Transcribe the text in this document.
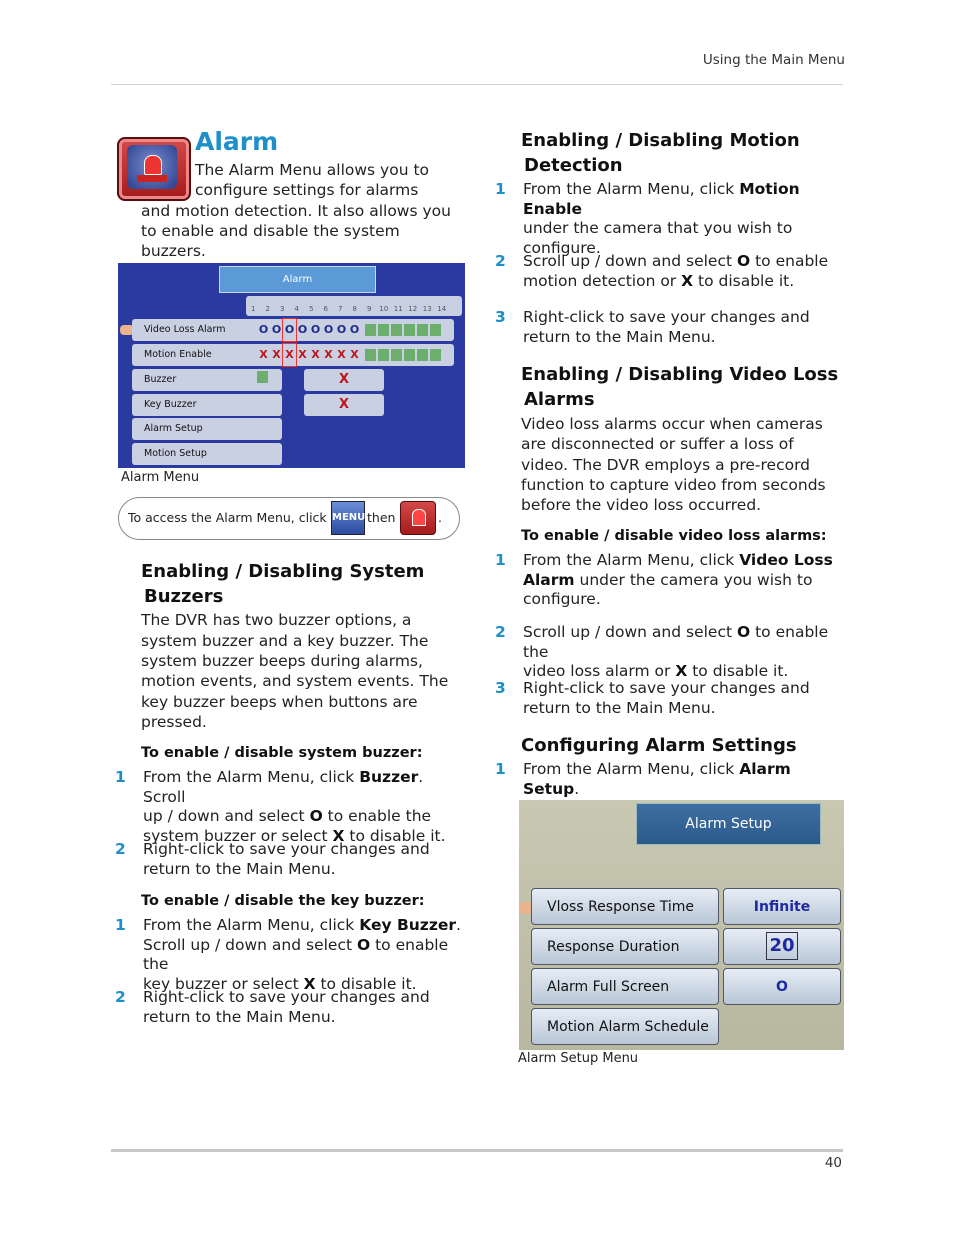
Using the Main Menu
Alarm
The Alarm Menu allows you to
configure settings for alarms
and motion detection. It also allows you
to enable and disable the system
buzzers.
Alarm
1 2 3 4 5 6 7 8 9 10 11 12 13 14
Video Loss Alarm
Motion Enable
Buzzer
Key Buzzer
Alarm Setup
Motion Setup
O O O O O O O O
X X X X X X X X
X
X
Alarm Menu
To access the Alarm Menu, click MENU then	.
Enabling / Disabling System
Buzzers
The DVR has two buzzer options, a
system buzzer and a key buzzer. The
system buzzer beeps during alarms,
motion events, and system events. The
key buzzer beeps when buttons are
pressed.
To enable / disable system buzzer:
1 From the Alarm Menu, click Buzzer. Scroll
up / down and select O to enable the
system buzzer or select X to disable it.
2 Right-click to save your changes and
return to the Main Menu.
To enable / disable the key buzzer:
1 From the Alarm Menu, click Key Buzzer.
Scroll up / down and select O to enable the
key buzzer or select X to disable it.
2 Right-click to save your changes and
return to the Main Menu.
Enabling / Disabling Motion
Detection
1 From the Alarm Menu, click Motion Enable
under the camera that you wish to
configure.
2 Scroll up / down and select O to enable
motion detection or X to disable it.
3 Right-click to save your changes and
return to the Main Menu.
Enabling / Disabling Video Loss
Alarms
Video loss alarms occur when cameras
are disconnected or suffer a loss of
video. The DVR employs a pre-record
function to capture video from seconds
before the video loss occurred.
To enable / disable video loss alarms:
1 From the Alarm Menu, click Video Loss
Alarm under the camera you wish to
configure.
2 Scroll up / down and select O to enable the
video loss alarm or X to disable it.
3 Right-click to save your changes and
return to the Main Menu.
Configuring Alarm Settings
1 From the Alarm Menu, click Alarm Setup.

Alarm Setup
Vloss Response Time
Response Duration
Alarm Full Screen
Motion Alarm Schedule
Infinite
20
O
Alarm Setup Menu
40
